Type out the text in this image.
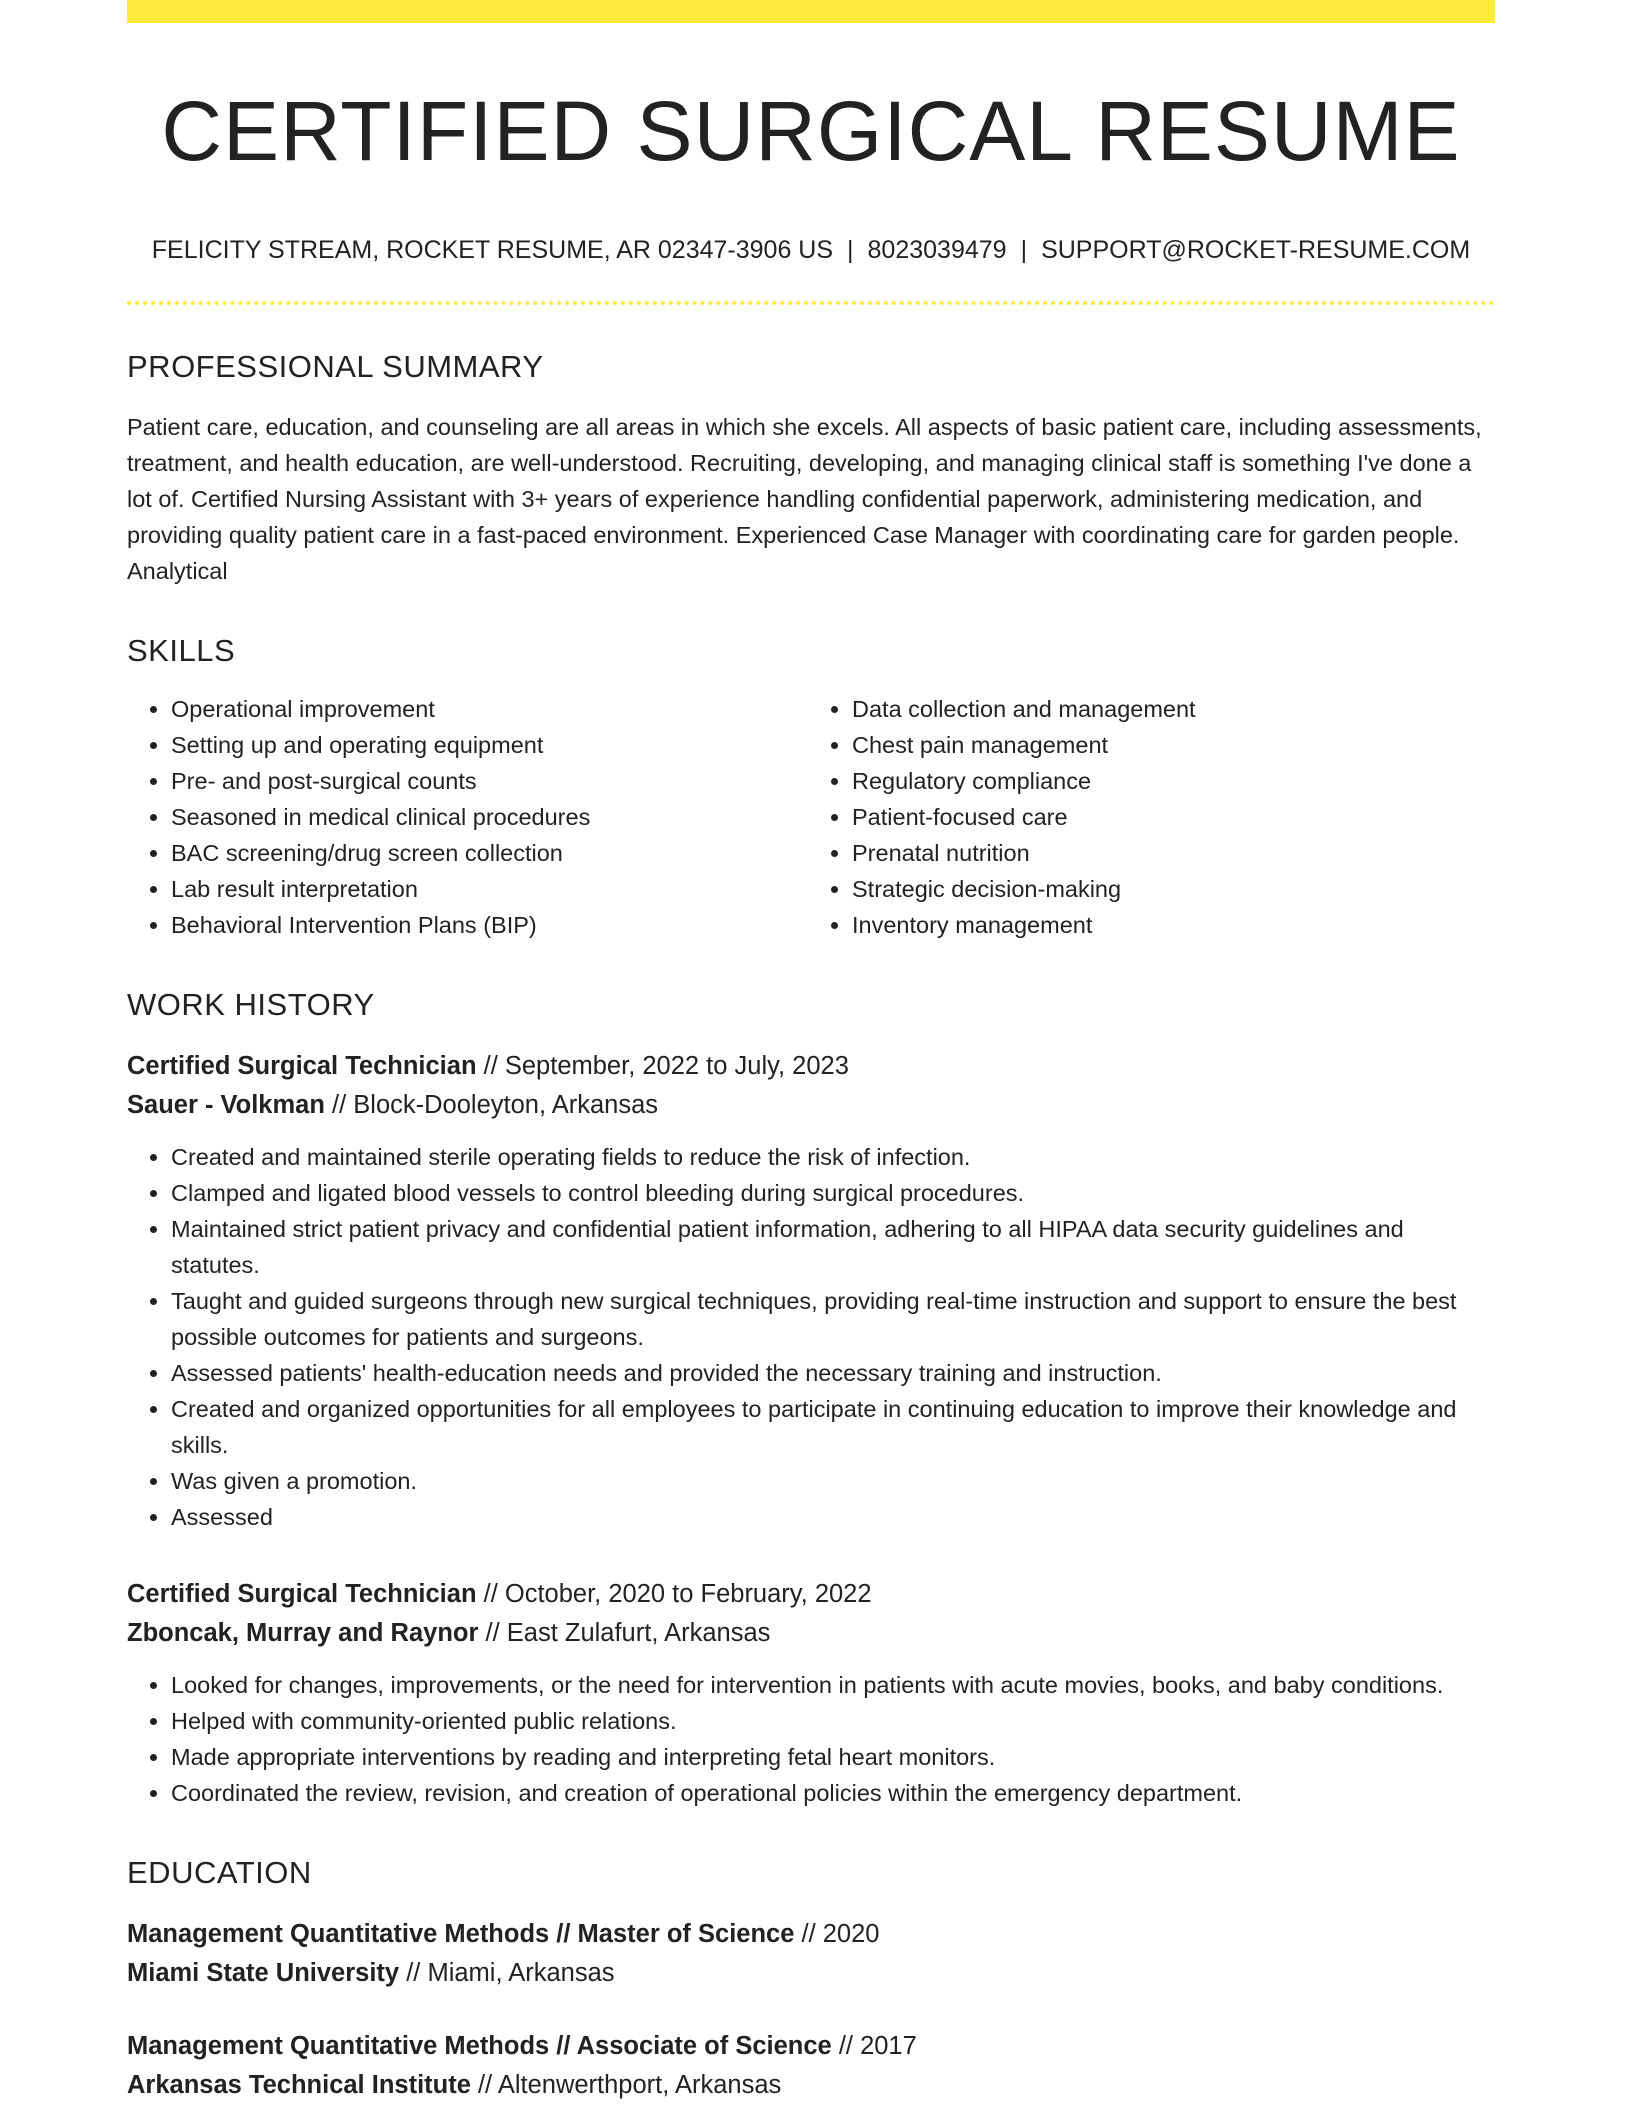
CERTIFIED SURGICAL RESUME
FELICITY STREAM, ROCKET RESUME, AR 02347-3906 US | 8023039479 | SUPPORT@ROCKET-RESUME.COM
PROFESSIONAL SUMMARY
Patient care, education, and counseling are all areas in which she excels. All aspects of basic patient care, including assessments, treatment, and health education, are well-understood. Recruiting, developing, and managing clinical staff is something I've done a lot of. Certified Nursing Assistant with 3+ years of experience handling confidential paperwork, administering medication, and providing quality patient care in a fast-paced environment. Experienced Case Manager with coordinating care for garden people. Analytical
SKILLS
• Operational improvement
• Setting up and operating equipment
• Pre- and post-surgical counts
• Seasoned in medical clinical procedures
• BAC screening/drug screen collection
• Lab result interpretation
• Behavioral Intervention Plans (BIP)
• Data collection and management
• Chest pain management
• Regulatory compliance
• Patient-focused care
• Prenatal nutrition
• Strategic decision-making
• Inventory management
WORK HISTORY
Certified Surgical Technician // September, 2022 to July, 2023
Sauer - Volkman // Block-Dooleyton, Arkansas
• Created and maintained sterile operating fields to reduce the risk of infection.
• Clamped and ligated blood vessels to control bleeding during surgical procedures.
• Maintained strict patient privacy and confidential patient information, adhering to all HIPAA data security guidelines and statutes.
• Taught and guided surgeons through new surgical techniques, providing real-time instruction and support to ensure the best possible outcomes for patients and surgeons.
• Assessed patients' health-education needs and provided the necessary training and instruction.
• Created and organized opportunities for all employees to participate in continuing education to improve their knowledge and skills.
• Was given a promotion.
• Assessed
Certified Surgical Technician // October, 2020 to February, 2022
Zboncak, Murray and Raynor // East Zulafurt, Arkansas
• Looked for changes, improvements, or the need for intervention in patients with acute movies, books, and baby conditions.
• Helped with community-oriented public relations.
• Made appropriate interventions by reading and interpreting fetal heart monitors.
• Coordinated the review, revision, and creation of operational policies within the emergency department.
EDUCATION
Management Quantitative Methods // Master of Science // 2020
Miami State University // Miami, Arkansas
Management Quantitative Methods // Associate of Science // 2017
Arkansas Technical Institute // Altenwerthport, Arkansas
